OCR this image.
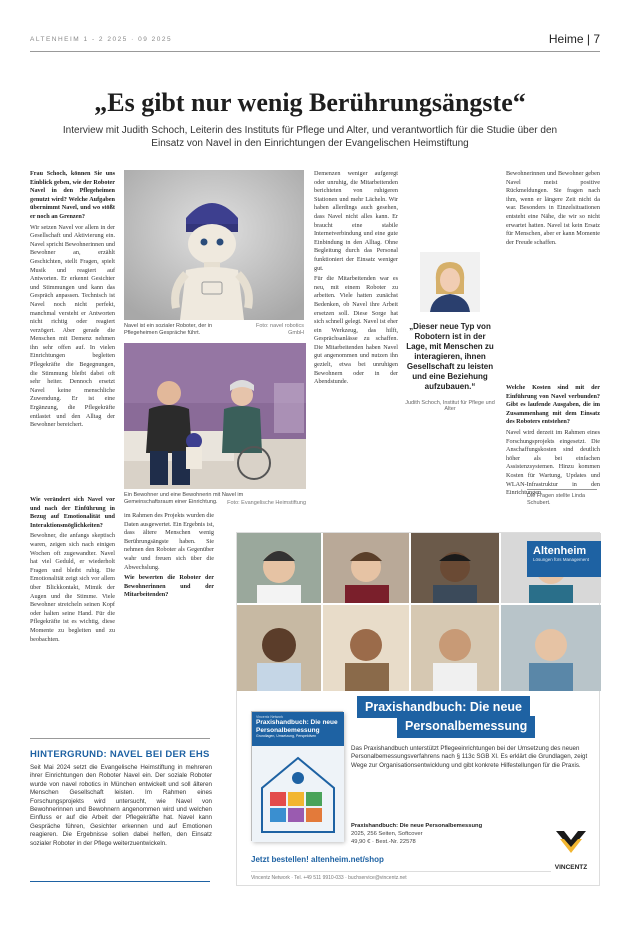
ALTENHEIM 1 - 2 2025 · 09 2025	Heime | 7
„Es gibt nur wenig Berührungsängste“
Interview mit Judith Schoch, Leiterin des Instituts für Pflege und Alter, und verantwortlich für die Studie über den Einsatz von Navel in den Einrichtungen der Evangelischen Heimstiftung

Frau Schoch, können Sie uns Einblick geben, wie der Roboter Navel in den Pflegeheimen genutzt wird? Welche Aufgaben übernimmt Navel, und wo stößt er noch an Grenzen?

Wir setzen Navel vor allem in der Gesellschaft und Aktivierung ein. Navel spricht Bewohnerinnen und Bewohner an, erzählt Geschichten, stellt Fragen, spielt Musik und reagiert auf Antworten. Er erkennt Gesichter und Stimmungen und kann das Gespräch anpassen. Technisch ist Navel noch nicht perfekt, manchmal versteht er Antworten nicht richtig oder reagiert verzögert. Aber gerade die Menschen mit Demenz nehmen ihn sehr offen auf. In vielen Einrichtungen begleiten Pflegekräfte die Begegnungen, die Stimmung bleibt dabei oft sehr heiter. Dennoch ersetzt Navel keine menschliche Zuwendung. Er ist eine Ergänzung, die Pflegekräfte entlastet und den Alltag der Bewohner bereichert.

Wie verändert sich Navel vor und nach der Einführung in Bezug auf Emotionalität und Interaktionsmöglichkeiten?

Bewohner, die anfangs skeptisch waren, zeigen sich nach einigen Wochen oft zugewandter. Navel hat viel Geduld, er wiederholt Fragen und bleibt ruhig. Die Emotionalität zeigt sich vor allem über Blickkontakt, Mimik der Augen und die Stimme. Viele Bewohner streicheln seinen Kopf oder halten seine Hand. Für die Pflegekräfte ist es wichtig, diese Momente zu begleiten und zu beobachten.

Navel ist ein sozialer Roboter, der in Pflegeheimen Gespräche führt.
Foto: navel robotics GmbH
Ein Bewohner und eine Bewohnerin mit Navel im Gemeinschaftsraum einer Einrichtung.	Foto: Evangelische Heimstiftung

Demenzen weniger aufgeregt oder unruhig, die Mitarbeitenden berichteten von ruhigeren Stationen und mehr Lächeln. Wir haben allerdings auch gesehen, dass Navel nicht alles kann. Er braucht eine stabile Internetverbindung und eine gute Einbindung in den Alltag. Ohne Begleitung durch das Personal funktioniert der Einsatz weniger gut.

Für die Mitarbeitenden war es neu, mit einem Roboter zu arbeiten. Viele hatten zunächst Bedenken, ob Navel ihre Arbeit ersetzen soll. Diese Sorge hat sich schnell gelegt. Navel ist eher ein Werkzeug, das hilft, Gesprächsanlässe zu schaffen. Die Mitarbeitenden haben Navel gut angenommen und nutzen ihn gezielt, etwa bei unruhigen Bewohnern oder in der Abendstunde.

im Rahmen des Projekts wurden die Daten ausgewertet. Ein Ergebnis ist, dass ältere Menschen wenig Berührungsängste haben. Sie nehmen den Roboter als Gegenüber wahr und freuen sich über die Abwechslung.

Wie bewerten die Roboter der Bewohnerinnen und der Mitarbeitenden?

„Dieser neue Typ von Robotern ist in der Lage, mit Menschen zu interagieren, ihnen Gesellschaft zu leisten und eine Beziehung aufzubauen.“
Judith Schoch, Institut für Pflege und Alter

Bewohnerinnen und Bewohner geben Navel meist positive Rückmeldungen. Sie fragen nach ihm, wenn er längere Zeit nicht da war. Besonders in Einzelsituationen entsteht eine Nähe, die wir so nicht erwartet hatten. Navel ist kein Ersatz für Menschen, aber er kann Momente der Freude schaffen.

Welche Kosten sind mit der Einführung von Navel verbunden? Gibt es laufende Ausgaben, die im Zusammenhang mit dem Einsatz des Roboters entstehen?

Navel wird derzeit im Rahmen eines Forschungsprojekts eingesetzt. Die Anschaffungskosten sind deutlich höher als bei einfachen Assistenzsystemen. Hinzu kommen Kosten für Wartung, Updates und WLAN-Infrastruktur in den Einrichtungen.

Die Fragen stellte Linda Schubert.
HINTERGRUND: NAVEL BEI DER EHS
Seit Mai 2024 setzt die Evangelische Heimstiftung in mehreren ihrer Einrichtungen den Roboter Navel ein. Der soziale Roboter wurde von navel robotics in München entwickelt und soll älteren Menschen Gesellschaft leisten. Im Rahmen eines Forschungsprojekts wird untersucht, wie Navel von Bewohnerinnen und Bewohnern angenommen wird und welchen Einfluss er auf die Arbeit der Pflegekräfte hat. Navel kann Gespräche führen, Gesichter erkennen und auf Emotionen reagieren. Die Ergebnisse sollen dabei helfen, den Einsatz sozialer Roboter in der Pflege weiterzuentwickeln.
Altenheim
Lösungen fürs Management
Praxishandbuch: Die neue
Personalbemessung
Vincentz Network
Praxishandbuch: Die neue Personalbemessung
Grundlagen, Umsetzung, Perspektiven
Das Praxishandbuch unterstützt Pflegeeinrichtungen bei der Umsetzung des neuen Personalbemessungsverfahrens nach § 113c SGB XI. Es erklärt die Grundlagen, zeigt Wege zur Organisationsentwicklung und gibt konkrete Hilfestellungen für die Praxis.
Praxishandbuch: Die neue Personalbemessung
2025, 256 Seiten, Softcover
49,90 € · Best.-Nr. 22578
VINCENTZ
Jetzt bestellen! altenheim.net/shop
Vincentz Network · Tel. +49 511 9910-033 · buchservice@vincentz.net
